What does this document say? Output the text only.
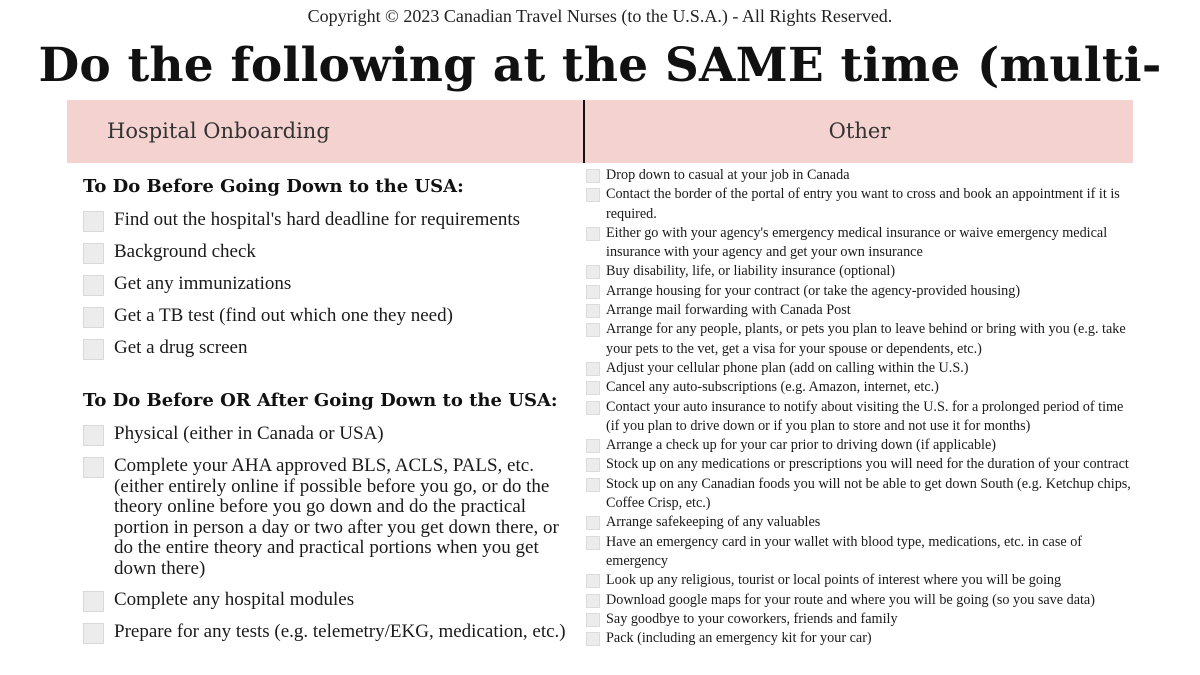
Copyright © 2023 Canadian Travel Nurses (to the U.S.A.) - All Rights Reserved.
Do the following at the SAME time (multi-
Hospital Onboarding	Other
To Do Before Going Down to the USA:
Find out the hospital's hard deadline for requirements
Background check
Get any immunizations
Get a TB test (find out which one they need)
Get a drug screen
To Do Before OR After Going Down to the USA:
Physical (either in Canada or USA)
Complete your AHA approved BLS, ACLS, PALS, etc. (either entirely online if possible before you go, or do the theory online before you go down and do the practical portion in person a day or two after you get down there, or do the entire theory and practical portions when you get down there)
Complete any hospital modules
Prepare for any tests (e.g. telemetry/EKG, medication, etc.)
Drop down to casual at your job in Canada
Contact the border of the portal of entry you want to cross and book an appointment if it is required.
Either go with your agency's emergency medical insurance or waive emergency medical insurance with your agency and get your own insurance
Buy disability, life, or liability insurance (optional)
Arrange housing for your contract (or take the agency-provided housing)
Arrange mail forwarding with Canada Post
Arrange for any people, plants, or pets you plan to leave behind or bring with you (e.g. take your pets to the vet, get a visa for your spouse or dependents, etc.)
Adjust your cellular phone plan (add on calling within the U.S.)
Cancel any auto-subscriptions (e.g. Amazon, internet, etc.)
Contact your auto insurance to notify about visiting the U.S. for a prolonged period of time (if you plan to drive down or if you plan to store and not use it for months)
Arrange a check up for your car prior to driving down (if applicable)
Stock up on any medications or prescriptions you will need for the duration of your contract
Stock up on any Canadian foods you will not be able to get down South (e.g. Ketchup chips, Coffee Crisp, etc.)
Arrange safekeeping of any valuables
Have an emergency card in your wallet with blood type, medications, etc. in case of emergency
Look up any religious, tourist or local points of interest where you will be going
Download google maps for your route and where you will be going (so you save data)
Say goodbye to your coworkers, friends and family
Pack (including an emergency kit for your car)
